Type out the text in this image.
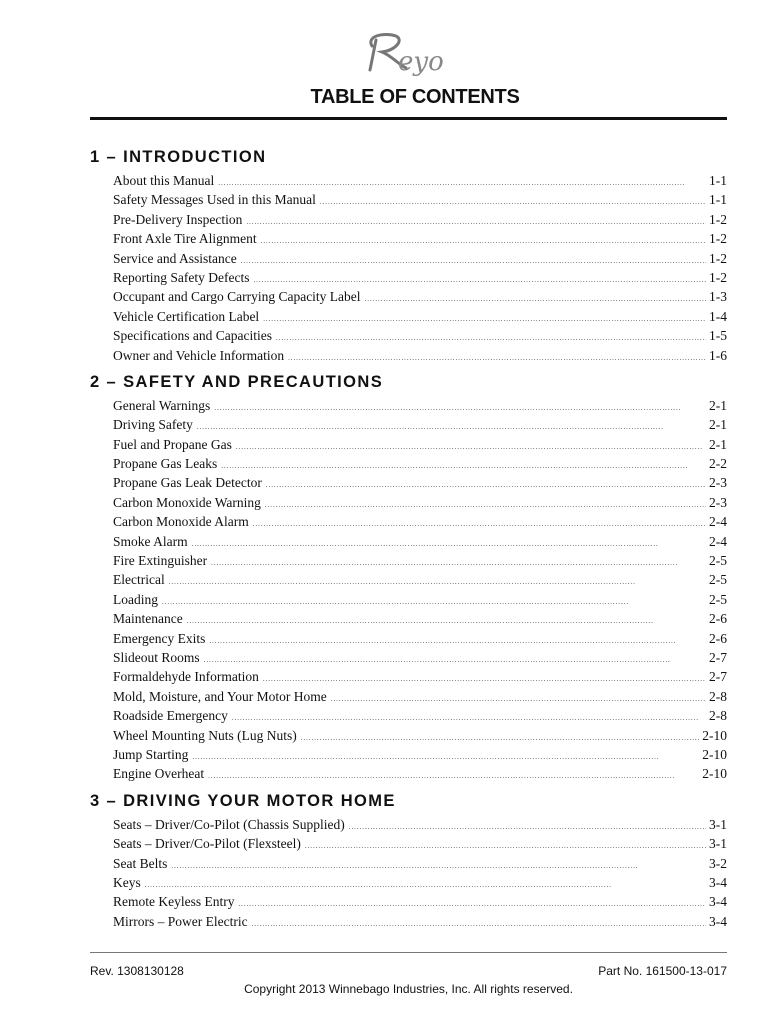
eyo
TABLE OF CONTENTS
1 – INTRODUCTION
About this Manual . . .	1-1
Safety Messages Used in this Manual . . .	1-1
Pre-Delivery Inspection . . .	1-2
Front Axle Tire Alignment . . .	1-2
Service and Assistance . . .	1-2
Reporting Safety Defects . . .	1-2
Occupant and Cargo Carrying Capacity Label . . .	1-3
Vehicle Certification Label . . .	1-4
Specifications and Capacities . . .	1-5
Owner and Vehicle Information . . .	1-6
2 – SAFETY AND PRECAUTIONS
General Warnings . . .	2-1
Driving Safety . . .	2-1
Fuel and Propane Gas . . .	2-1
Propane Gas Leaks . . .	2-2
Propane Gas Leak Detector . . .	2-3
Carbon Monoxide Warning . . .	2-3
Carbon Monoxide Alarm . . .	2-4
Smoke Alarm . . .	2-4
Fire Extinguisher . . .	2-5
Electrical . . .	2-5
Loading . . .	2-5
Maintenance . . .	2-6
Emergency Exits . . .	2-6
Slideout Rooms . . .	2-7
Formaldehyde Information . . .	2-7
Mold, Moisture, and Your Motor Home . . .	2-8
Roadside Emergency . . .	2-8
Wheel Mounting Nuts (Lug Nuts) . . .	2-10
Jump Starting . . .	2-10
Engine Overheat . . .	2-10
3 – DRIVING YOUR MOTOR HOME
Seats – Driver/Co-Pilot (Chassis Supplied) . . .	3-1
Seats – Driver/Co-Pilot (Flexsteel) . . .	3-1
Seat Belts . . .	3-2
Keys . . .	3-4
Remote Keyless Entry . . .	3-4
Mirrors – Power Electric . . .	3-4
Rev. 1308130128	Part No. 161500-13-017
Copyright 2013 Winnebago Industries, Inc. All rights reserved.
